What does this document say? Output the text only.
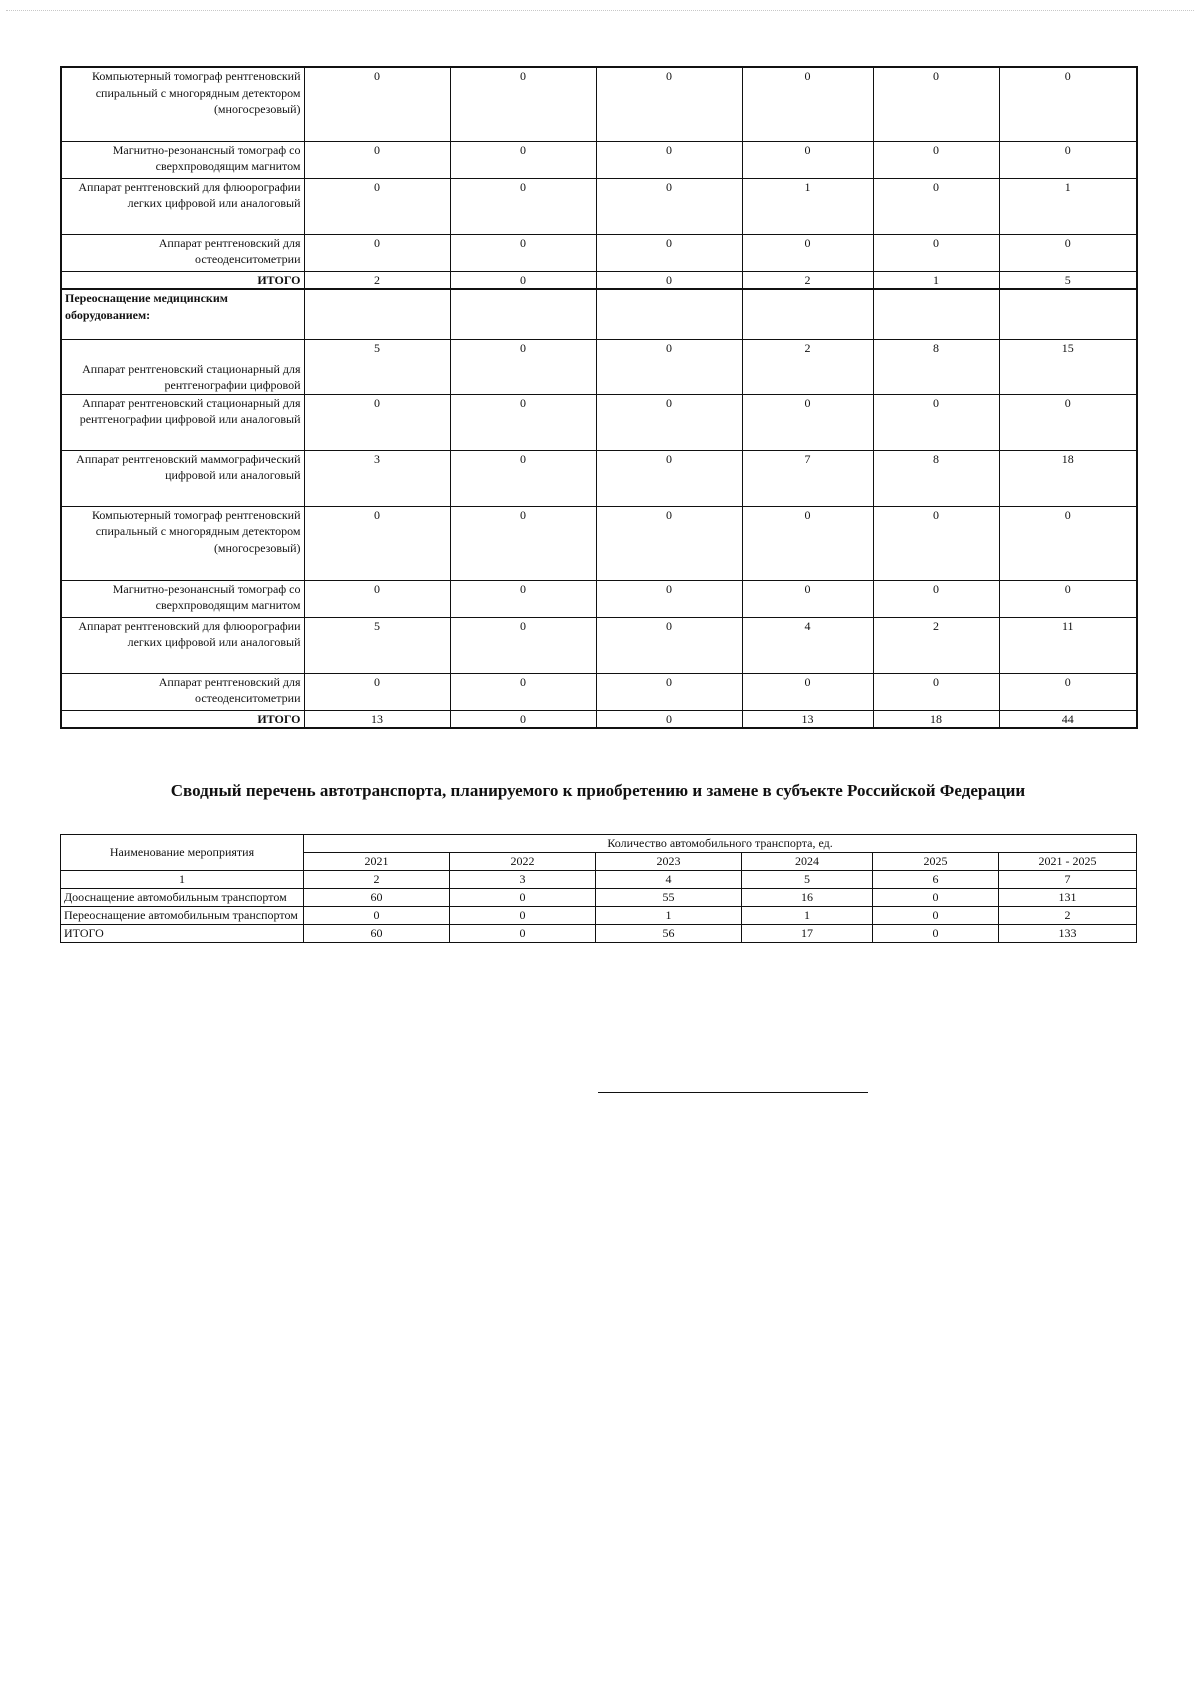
Компьютерный томограф рентгеновский спиральный с многорядным детектором (многосрезовый)	0	0	0	0	0	0
Магнитно-резонансный томограф со сверхпроводящим магнитом	0	0	0	0	0	0
Аппарат рентгеновский для флюорографии легких цифровой или аналоговый	0	0	0	1	0	1
Аппарат рентгеновский для остеоденситометрии	0	0	0	0	0	0
ИТОГО	2	0	0	2	1	5
Переоснащение медицинским оборудованием:						
Аппарат рентгеновский стационарный для рентгенографии цифровой	5	0	0	2	8	15
Аппарат рентгеновский стационарный для рентгенографии цифровой или аналоговый	0	0	0	0	0	0
Аппарат рентгеновский маммографический цифровой или аналоговый	3	0	0	7	8	18
Компьютерный томограф рентгеновский спиральный с многорядным детектором (многосрезовый)	0	0	0	0	0	0
Магнитно-резонансный томограф со сверхпроводящим магнитом	0	0	0	0	0	0
Аппарат рентгеновский для флюорографии легких цифровой или аналоговый	5	0	0	4	2	11
Аппарат рентгеновский для остеоденситометрии	0	0	0	0	0	0
ИТОГО	13	0	0	13	18	44
Сводный перечень автотранспорта, планируемого к приобретению и замене в субъекте Российской Федерации
Наименование мероприятия	Количество автомобильного транспорта, ед.					
	2021	2022	2023	2024	2025	2021 - 2025
1	2	3	4	5	6	7
Дооснащение автомобильным транспортом	60	0	55	16	0	131
Переоснащение автомобильным транспортом	0	0	1	1	0	2
ИТОГО	60	0	56	17	0	133
